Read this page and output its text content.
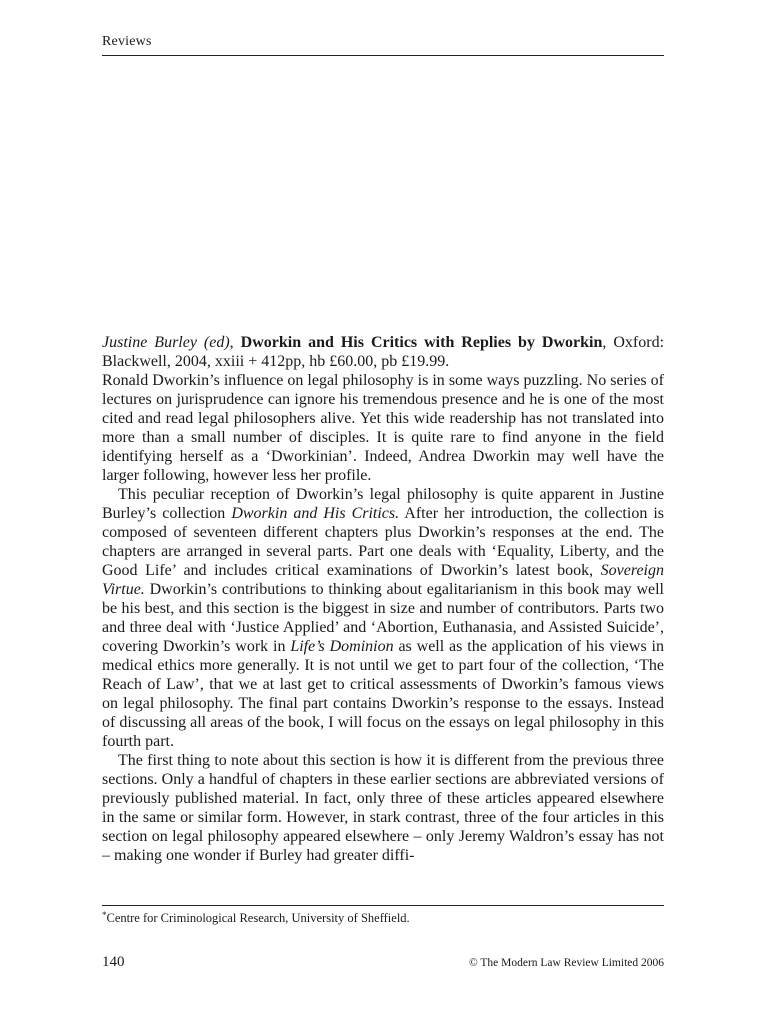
Reviews

Justine Burley (ed), Dworkin and His Critics with Replies by Dworkin, Oxford: Blackwell, 2004, xxiii + 412pp, hb £60.00, pb £19.99.

Ronald Dworkin’s influence on legal philosophy is in some ways puzzling. No series of lectures on jurisprudence can ignore his tremendous presence and he is one of the most cited and read legal philosophers alive. Yet this wide readership has not translated into more than a small number of disciples. It is quite rare to find anyone in the field identifying herself as a ‘Dworkinian’. Indeed, Andrea Dworkin may well have the larger following, however less her profile.

This peculiar reception of Dworkin’s legal philosophy is quite apparent in Justine Burley’s collection Dworkin and His Critics. After her introduction, the collection is composed of seventeen different chapters plus Dworkin’s responses at the end. The chapters are arranged in several parts. Part one deals with ‘Equality, Liberty, and the Good Life’ and includes critical examinations of Dworkin’s latest book, Sovereign Virtue. Dworkin’s contributions to thinking about egalitarianism in this book may well be his best, and this section is the biggest in size and number of contributors. Parts two and three deal with ‘Justice Applied’ and ‘Abortion, Euthanasia, and Assisted Suicide’, covering Dworkin’s work in Life’s Dominion as well as the application of his views in medical ethics more generally. It is not until we get to part four of the collection, ‘The Reach of Law’, that we at last get to critical assessments of Dworkin’s famous views on legal philosophy. The final part contains Dworkin’s response to the essays. Instead of discussing all areas of the book, I will focus on the essays on legal philosophy in this fourth part.

The first thing to note about this section is how it is different from the previous three sections. Only a handful of chapters in these earlier sections are abbreviated versions of previously published material. In fact, only three of these articles appeared elsewhere in the same or similar form. However, in stark contrast, three of the four articles in this section on legal philosophy appeared elsewhere – only Jeremy Waldron’s essay has not – making one wonder if Burley had greater diffi-

*Centre for Criminological Research, University of Sheffield.
140	© The Modern Law Review Limited 2006
